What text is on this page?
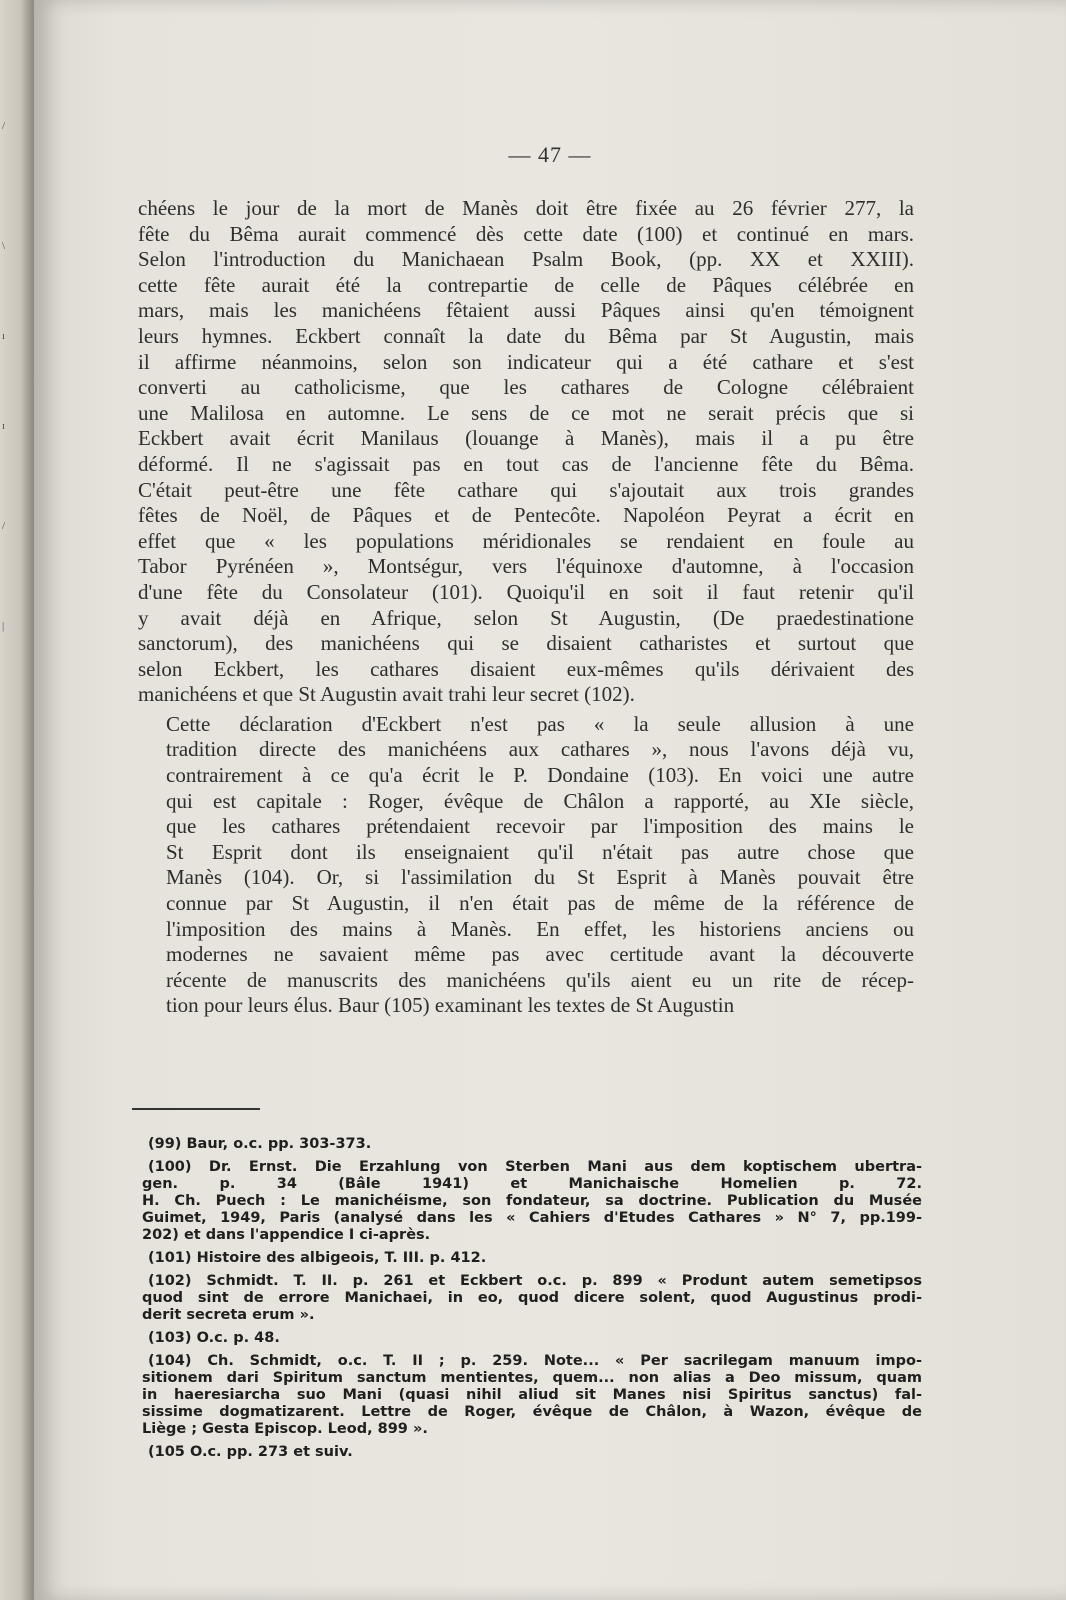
/
\
ı
ɪ
/
|
— 47 —

chéens le jour de la mort de Manès doit être fixée au 26 février 277, la
fête du Bêma aurait commencé dès cette date (100) et continué en mars.
Selon l'introduction du Manichaean Psalm Book, (pp. XX et XXIII).
cette fête aurait été la contrepartie de celle de Pâques célébrée en
mars, mais les manichéens fêtaient aussi Pâques ainsi qu'en témoignent
leurs hymnes. Eckbert connaît la date du Bêma par St Augustin, mais
il affirme néanmoins, selon son indicateur qui a été cathare et s'est
converti au catholicisme, que les cathares de Cologne célébraient
une Malilosa en automne. Le sens de ce mot ne serait précis que si
Eckbert avait écrit Manilaus (louange à Manès), mais il a pu être
déformé. Il ne s'agissait pas en tout cas de l'ancienne fête du Bêma.
C'était peut-être une fête cathare qui s'ajoutait aux trois grandes
fêtes de Noël, de Pâques et de Pentecôte. Napoléon Peyrat a écrit en
effet que « les populations méridionales se rendaient en foule au
Tabor Pyrénéen », Montségur, vers l'équinoxe d'automne, à l'occasion
d'une fête du Consolateur (101). Quoiqu'il en soit il faut retenir qu'il
y avait déjà en Afrique, selon St Augustin, (De praedestinatione
sanctorum), des manichéens qui se disaient catharistes et surtout que
selon Eckbert, les cathares disaient eux-mêmes qu'ils dérivaient des
manichéens et que St Augustin avait trahi leur secret (102).

Cette déclaration d'Eckbert n'est pas « la seule allusion à une
tradition directe des manichéens aux cathares », nous l'avons déjà vu,
contrairement à ce qu'a écrit le P. Dondaine (103). En voici une autre
qui est capitale : Roger, évêque de Châlon a rapporté, au XIe siècle,
que les cathares prétendaient recevoir par l'imposition des mains le
St Esprit dont ils enseignaient qu'il n'était pas autre chose que
Manès (104). Or, si l'assimilation du St Esprit à Manès pouvait être
connue par St Augustin, il n'en était pas de même de la référence de
l'imposition des mains à Manès. En effet, les historiens anciens ou
modernes ne savaient même pas avec certitude avant la découverte
récente de manuscrits des manichéens qu'ils aient eu un rite de récep-
tion pour leurs élus. Baur (105) examinant les textes de St Augustin

(99) Baur, o.c. pp. 303-373.
(100) Dr. Ernst. Die Erzahlung von Sterben Mani aus dem koptischem ubertra-
gen. p. 34 (Bâle 1941) et Manichaische Homelien p. 72.
H. Ch. Puech : Le manichéisme, son fondateur, sa doctrine. Publication du Musée
Guimet, 1949, Paris (analysé dans les « Cahiers d'Etudes Cathares » N° 7, pp.199-
202) et dans l'appendice I ci-après.
(101) Histoire des albigeois, T. III. p. 412.
(102) Schmidt. T. II. p. 261 et Eckbert o.c. p. 899 « Produnt autem semetipsos
quod sint de errore Manichaei, in eo, quod dicere solent, quod Augustinus prodi-
derit secreta erum ».
(103) O.c. p. 48.
(104) Ch. Schmidt, o.c. T. II ; p. 259. Note... « Per sacrilegam manuum impo-
sitionem dari Spiritum sanctum mentientes, quem... non alias a Deo missum, quam
in haeresiarcha suo Mani (quasi nihil aliud sit Manes nisi Spiritus sanctus) fal-
sissime dogmatizarent. Lettre de Roger, évêque de Châlon, à Wazon, évêque de
Liège ; Gesta Episcop. Leod, 899 ».
(105 O.c. pp. 273 et suiv.
